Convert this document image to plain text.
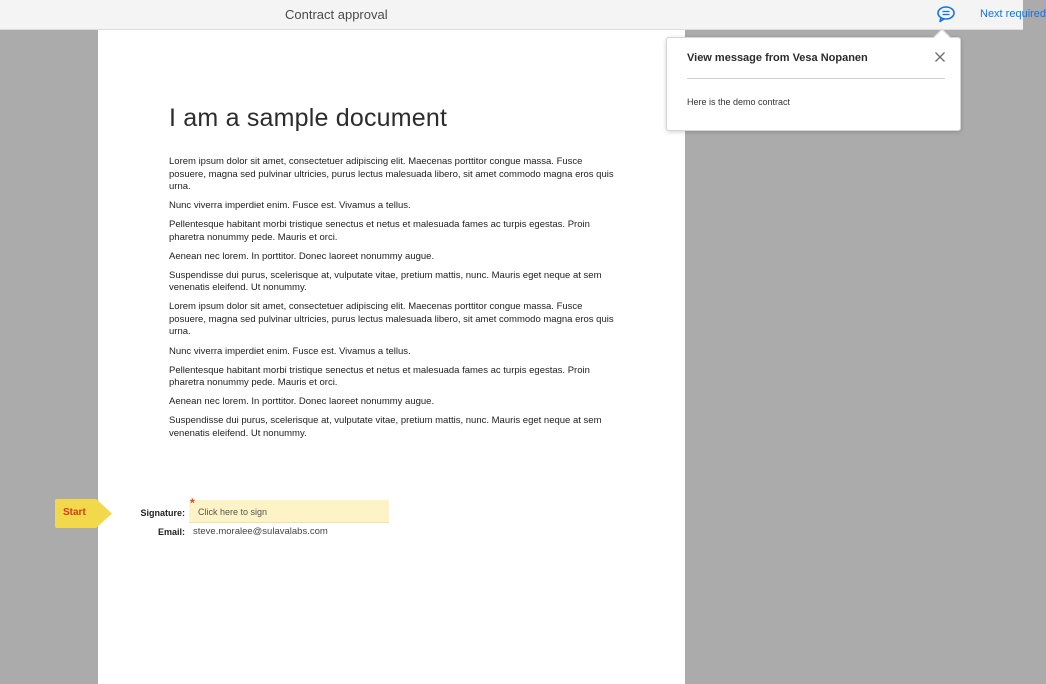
Contract approval	Next required
I am a sample document

Lorem ipsum dolor sit amet, consectetuer adipiscing elit. Maecenas porttitor congue massa. Fusce posuere, magna sed pulvinar ultricies, purus lectus malesuada libero, sit amet commodo magna eros quis urna.

Nunc viverra imperdiet enim. Fusce est. Vivamus a tellus.

Pellentesque habitant morbi tristique senectus et netus et malesuada fames ac turpis egestas. Proin pharetra nonummy pede. Mauris et orci.

Aenean nec lorem. In porttitor. Donec laoreet nonummy augue.

Suspendisse dui purus, scelerisque at, vulputate vitae, pretium mattis, nunc. Mauris eget neque at sem venenatis eleifend. Ut nonummy.

Lorem ipsum dolor sit amet, consectetuer adipiscing elit. Maecenas porttitor congue massa. Fusce posuere, magna sed pulvinar ultricies, purus lectus malesuada libero, sit amet commodo magna eros quis urna.

Nunc viverra imperdiet enim. Fusce est. Vivamus a tellus.

Pellentesque habitant morbi tristique senectus et netus et malesuada fames ac turpis egestas. Proin pharetra nonummy pede. Mauris et orci.

Aenean nec lorem. In porttitor. Donec laoreet nonummy augue.

Suspendisse dui purus, scelerisque at, vulputate vitae, pretium mattis, nunc. Mauris eget neque at sem venenatis eleifend. Ut nonummy.

Start	Signature:
*
Click here to sign
Email: steve.moralee@sulavalabs.com
View message from Vesa Nopanen
Here is the demo contract
